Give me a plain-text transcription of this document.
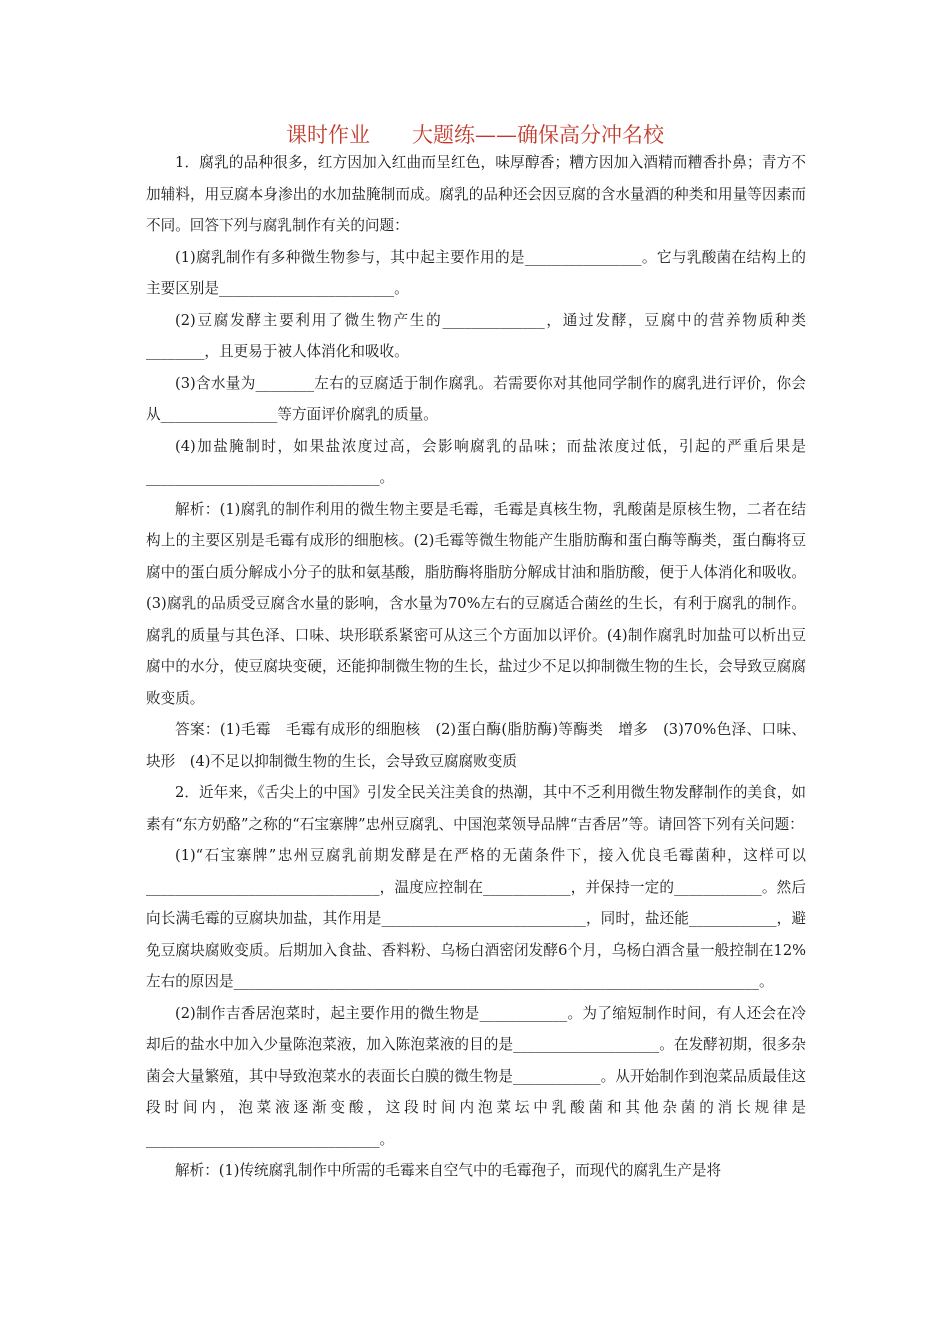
课时作业　　大题练——确保高分冲名校

1．腐乳的品种很多，红方因加入红曲而呈红色，味厚醇香；糟方因加入酒精而糟香扑鼻；青方不加辅料，用豆腐本身渗出的水加盐腌制而成。腐乳的品种还会因豆腐的含水量酒的种类和用量等因素而不同。回答下列与腐乳制作有关的问题：

(1)腐乳制作有多种微生物参与，其中起主要作用的是________________。它与乳酸菌在结构上的主要区别是________________________。

(2)豆腐发酵主要利用了微生物产生的______________，通过发酵，豆腐中的营养物质种类________，且更易于被人体消化和吸收。

(3)含水量为________左右的豆腐适于制作腐乳。若需要你对其他同学制作的腐乳进行评价，你会从________________等方面评价腐乳的质量。

(4)加盐腌制时，如果盐浓度过高，会影响腐乳的品味；而盐浓度过低，引起的严重后果是________________________________。

解析：(1)腐乳的制作利用的微生物主要是毛霉，毛霉是真核生物，乳酸菌是原核生物，二者在结构上的主要区别是毛霉有成形的细胞核。(2)毛霉等微生物能产生脂肪酶和蛋白酶等酶类，蛋白酶将豆腐中的蛋白质分解成小分子的肽和氨基酸，脂肪酶将脂肪分解成甘油和脂肪酸，便于人体消化和吸收。(3)腐乳的品质受豆腐含水量的影响，含水量为70%左右的豆腐适合菌丝的生长，有利于腐乳的制作。腐乳的质量与其色泽、口味、块形联系紧密可从这三个方面加以评价。(4)制作腐乳时加盐可以析出豆腐中的水分，使豆腐块变硬，还能抑制微生物的生长，盐过少不足以抑制微生物的生长，会导致豆腐腐败变质。

答案：(1)毛霉　毛霉有成形的细胞核　(2)蛋白酶(脂肪酶)等酶类　增多　(3)70%色泽、口味、块形　(4)不足以抑制微生物的生长，会导致豆腐腐败变质

2．近年来，《舌尖上的中国》引发全民关注美食的热潮，其中不乏利用微生物发酵制作的美食，如素有“东方奶酪”之称的“石宝寨牌”忠州豆腐乳、中国泡菜领导品牌“吉香居”等。请回答下列有关问题：

(1)“石宝寨牌”忠州豆腐乳前期发酵是在严格的无菌条件下，接入优良毛霉菌种，这样可以________________________________，温度应控制在____________，并保持一定的____________。然后向长满毛霉的豆腐块加盐，其作用是____________________________，同时，盐还能____________，避免豆腐块腐败变质。后期加入食盐、香料粉、乌杨白酒密闭发酵6个月，乌杨白酒含量一般控制在12%左右的原因是________________________________________________________________________。

(2)制作吉香居泡菜时，起主要作用的微生物是____________。为了缩短制作时间，有人还会在冷却后的盐水中加入少量陈泡菜液，加入陈泡菜液的目的是____________________。在发酵初期，很多杂菌会大量繁殖，其中导致泡菜水的表面长白膜的微生物是____________。从开始制作到泡菜品质最佳这段时间内，泡菜液逐渐变酸，这段时间内泡菜坛中乳酸菌和其他杂菌的消长规律是________________________________。

解析：(1)传统腐乳制作中所需的毛霉来自空气中的毛霉孢子，而现代的腐乳生产是将
